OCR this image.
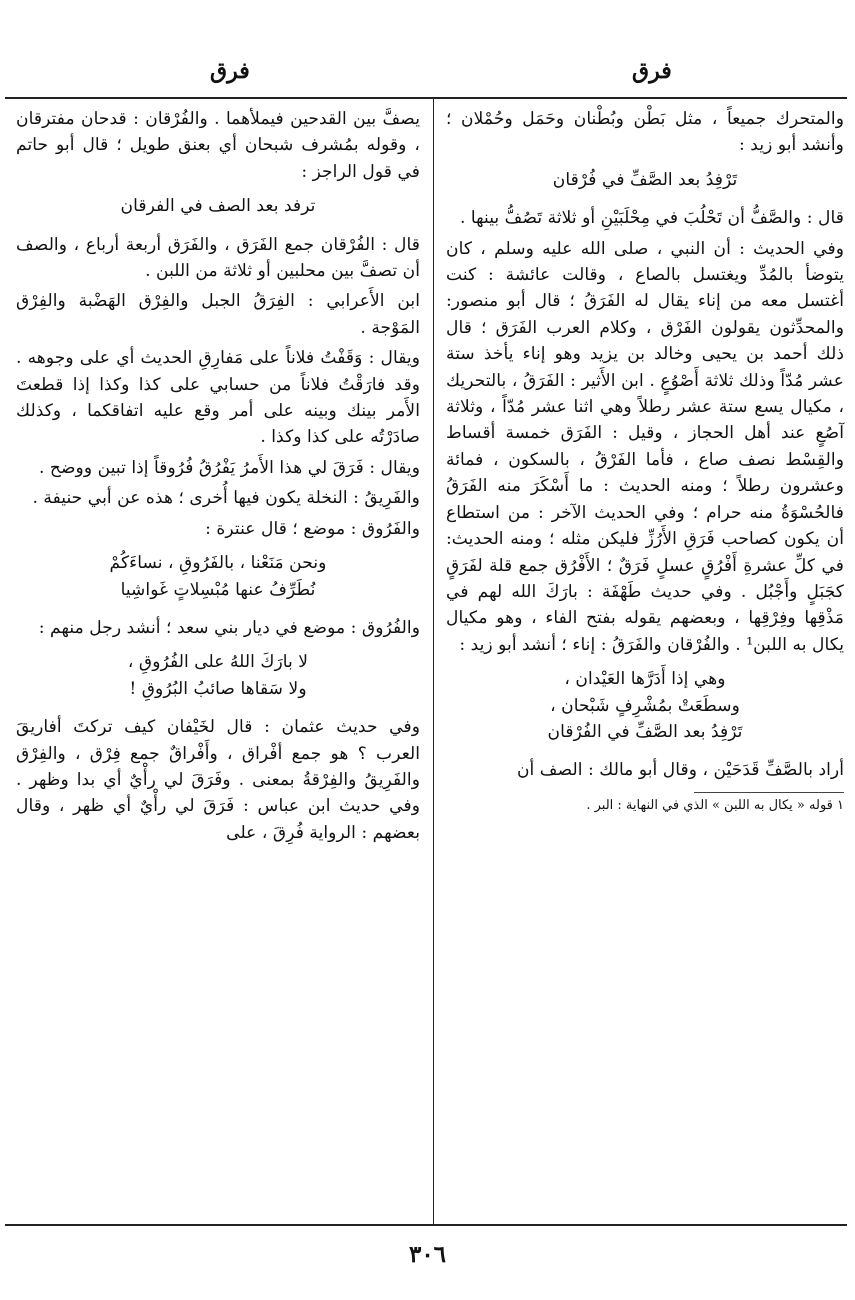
فرق	فرق

والمتحرك جميعاً ، مثل بَطْن وبُطْنان وحَمَل وحُمْلان ؛ وأنشد أبو زيد :

تَرْفِدُ بعد الصَّفِّ في فُرْقان

قال : والصَّفُّ أن تَحْلُبَ في مِحْلَبَيْنِ أو ثلاثة تَصُفُّ بينها .

وفي الحديث : أن النبي ، صلى الله عليه وسلم ، كان يتوضأ بالمُدِّ ويغتسل بالصاع ، وقالت عائشة : كنت أغتسل معه من إناء يقال له الفَرَقُ ؛ قال أبو منصور: والمحدِّثون يقولون الفَرْق ، وكلام العرب الفَرَق ؛ قال ذلك أحمد بن يحيى وخالد بن يزيد وهو إناء يأخذ ستة عشر مُدّاً وذلك ثلاثة أَصْوُعٍ . ابن الأَثير : الفَرَقُ ، بالتحريك ، مكيال يسع ستة عشر رطلاً وهي اثنا عشر مُدّاً ، وثلاثة آصُعٍ عند أهل الحجاز ، وقيل : الفَرَق خمسة أقساط والقِسْط نصف صاع ، فأما الفَرْقُ ، بالسكون ، فمائة وعشرون رطلاً ؛ ومنه الحديث : ما أَسْكَرَ منه الفَرَقُ فالحُسْوَةُ منه حرام ؛ وفي الحديث الآخر : من استطاع أن يكون كصاحب فَرَقِ الأَرُزِّ فليكن مثله ؛ ومنه الحديث: في كلِّ عشرةِ أَفْرُقٍ عسلٍ فَرَقٌ ؛ الأَفْرُق جمع قلة لفَرَقٍ كجَبَلٍ وأَجْبُل . وفي حديث طَهْفَة : بارَكَ الله لهم في مَذْقِها وفِرْقِها ، وبعضهم يقوله بفتح الفاء ، وهو مكيال يكال به اللبن¹ . والفُرْقان والفَرَقُ : إناء ؛ أنشد أبو زيد :

وهي إذا أَدَرَّها العَيْدان ،
وسطَعَتْ بمُشْرِفٍ شَبْحان ،
تَرْفِدُ بعد الصَّفِّ في الفُرْقان

أراد بالصَّفِّ قَدَحَيْن ، وقال أبو مالك : الصف أن

١ قوله « يكال به اللبن » الذي في النهاية : البر .

يصفَّ بين القدحين فيملأهما . والفُرْقان : قدحان مفترقان ، وقوله بمُشرف شبحان أي بعنق طويل ؛ قال أبو حاتم في قول الراجز :

ترفد بعد الصف في الفرقان

قال : الفُرْقان جمع الفَرَق ، والفَرَق أربعة أرباع ، والصف أن تصفَّ بين محلبين أو ثلاثة من اللبن .

ابن الأَعرابي : الفِرَقُ الجبل والفِرْق الهَضْبة والفِرْق المَوْجة .

ويقال : وَقَفْتُ فلاناً على مَفارِقِ الحديث أي على وجوهه . وقد فارَقْتُ فلاناً من حسابي على كذا وكذا إذا قطعتَ الأَمر بينك وبينه على أمر وقع عليه اتفاقكما ، وكذلك صادَرْتُه على كذا وكذا .

ويقال : فَرَقَ لي هذا الأَمرُ يَفْرُقُ فُرُوقاً إذا تبين ووضح .

والفَرِيقُ : النخلة يكون فيها أُخرى ؛ هذه عن أبي حنيفة .

والفَرُوق : موضع ؛ قال عنترة :

ونحن مَنَعْنا ، بالفَرُوقِ ، نساءَكُمْ
نُطَرِّفُ عنها مُبْسِلاتٍ غَواشِيا

والفُرُوق : موضع في ديار بني سعد ؛ أنشد رجل منهم :

لا بارَكَ اللهُ على الفُرُوقِ ،
ولا سَقاها صائبُ البُرُوقِ !

وفي حديث عثمان : قال لخَيْفان كيف تركتَ أفاريقَ العرب ؟ هو جمع أفْراق ، وأَفْراقٌ جمع فِرْق ، والفِرْق والفَرِيقُ والفِرْقةُ بمعنى . وفَرَقَ لي رأْيٌ أي بدا وظهر . وفي حديث ابن عباس : فَرَقَ لي رأْيٌ أي ظهر ، وقال بعضهم : الرواية فُرِقَ ، على

٣٠٦
